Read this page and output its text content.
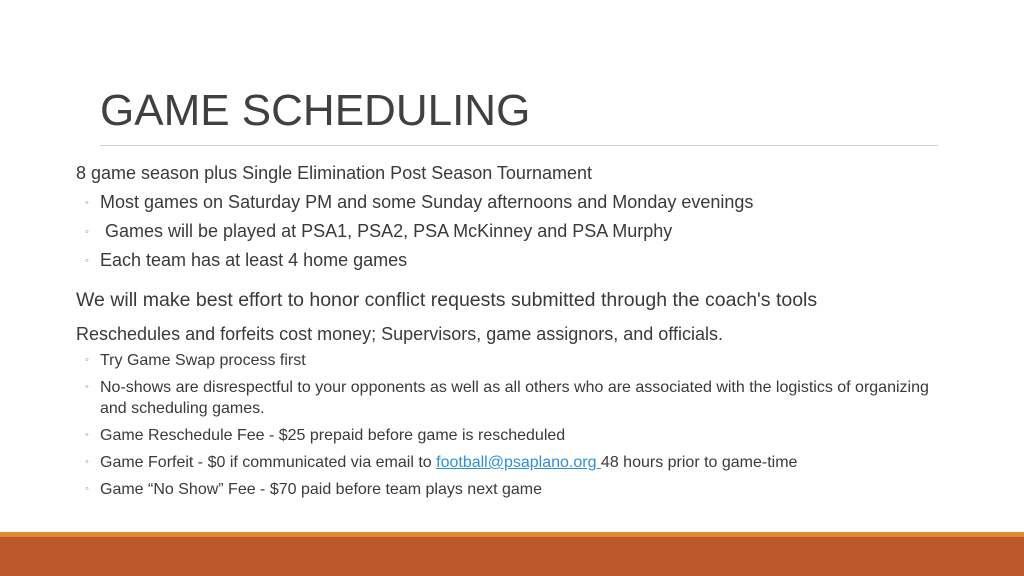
GAME SCHEDULING

8 game season plus Single Elimination Post Season Tournament

◦ Most games on Saturday PM and some Sunday afternoons and Monday evenings
◦ Games will be played at PSA1, PSA2, PSA McKinney and PSA Murphy
◦ Each team has at least 4 home games

We will make best effort to honor conflict requests submitted through the coach's tools

Reschedules and forfeits cost money; Supervisors, game assignors, and officials.

◦ Try Game Swap process first
◦ No-shows are disrespectful to your opponents as well as all others who are associated with the logistics of organizing and scheduling games.
◦ Game Reschedule Fee - $25 prepaid before game is rescheduled
◦ Game Forfeit - $0 if communicated via email to football@psaplano.org 48 hours prior to game-time
◦ Game “No Show” Fee - $70 paid before team plays next game
